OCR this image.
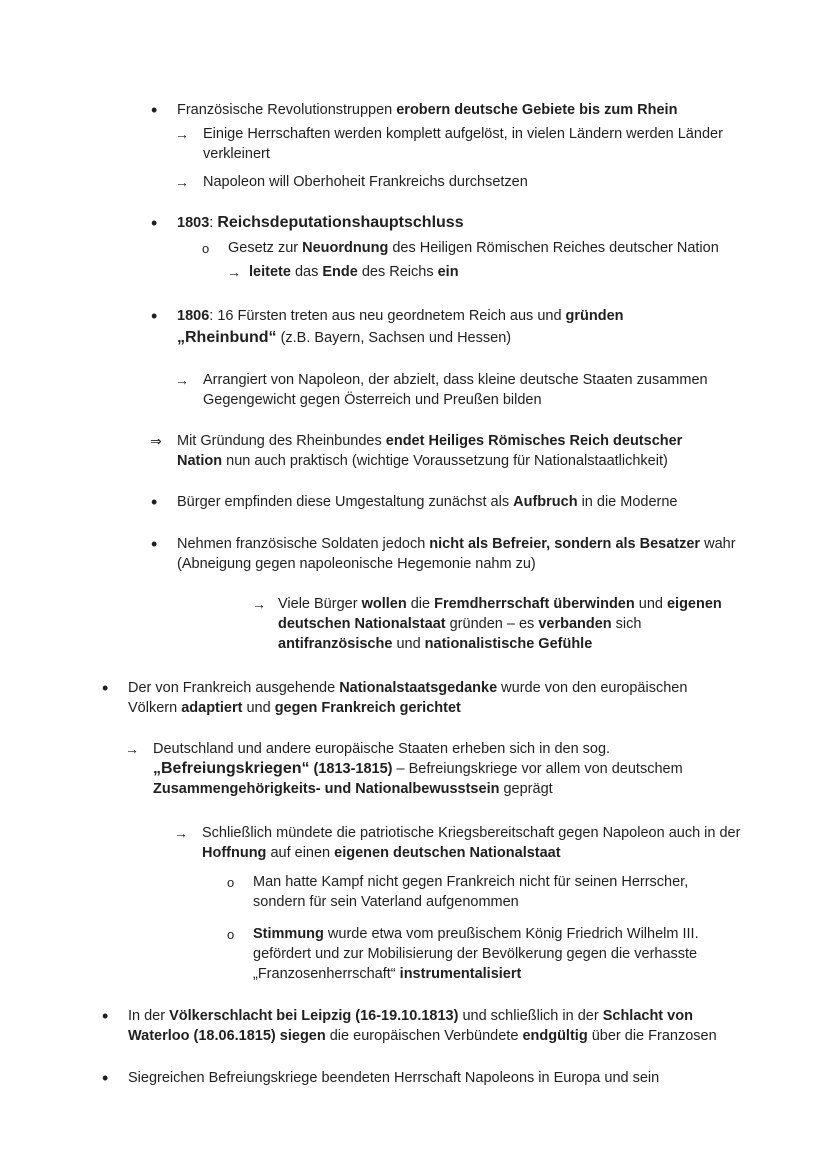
•
Französische Revolutionstruppen erobern deutsche Gebiete bis zum Rhein
→
Einige Herrschaften werden komplett aufgelöst, in vielen Ländern werden Länder verkleinert
→
Napoleon will Oberhoheit Frankreichs durchsetzen
•
1803: Reichsdeputationshauptschluss
o
Gesetz zur Neuordnung des Heiligen Römischen Reiches deutscher Nation
→
leitete das Ende des Reichs ein
•
1806: 16 Fürsten treten aus neu geordnetem Reich aus und gründen
„Rheinbund“ (z.B. Bayern, Sachsen und Hessen)
→
Arrangiert von Napoleon, der abzielt, dass kleine deutsche Staaten zusammen Gegengewicht gegen Österreich und Preußen bilden
⇒
Mit Gründung des Rheinbundes endet Heiliges Römisches Reich deutscher Nation nun auch praktisch (wichtige Voraussetzung für Nationalstaatlichkeit)
•
Bürger empfinden diese Umgestaltung zunächst als Aufbruch in die Moderne
•
Nehmen französische Soldaten jedoch nicht als Befreier, sondern als Besatzer wahr (Abneigung gegen napoleonische Hegemonie nahm zu)
→
Viele Bürger wollen die Fremdherrschaft überwinden und eigenen deutschen Nationalstaat gründen – es verbanden sich antifranzösische und nationalistische Gefühle
•
Der von Frankreich ausgehende Nationalstaatsgedanke wurde von den europäischen Völkern adaptiert und gegen Frankreich gerichtet
→
Deutschland und andere europäische Staaten erheben sich in den sog. „Befreiungskriegen“ (1813-1815) – Befreiungskriege vor allem von deutschem Zusammengehörigkeits- und Nationalbewusstsein geprägt
→
Schließlich mündete die patriotische Kriegsbereitschaft gegen Napoleon auch in der Hoffnung auf einen eigenen deutschen Nationalstaat
o
Man hatte Kampf nicht gegen Frankreich nicht für seinen Herrscher, sondern für sein Vaterland aufgenommen
o
Stimmung wurde etwa vom preußischem König Friedrich Wilhelm III. gefördert und zur Mobilisierung der Bevölkerung gegen die verhasste „Franzosenherrschaft“ instrumentalisiert
•
In der Völkerschlacht bei Leipzig (16-19.10.1813) und schließlich in der Schlacht von Waterloo (18.06.1815) siegen die europäischen Verbündete endgültig über die Franzosen
•
Siegreichen Befreiungskriege beendeten Herrschaft Napoleons in Europa und sein
